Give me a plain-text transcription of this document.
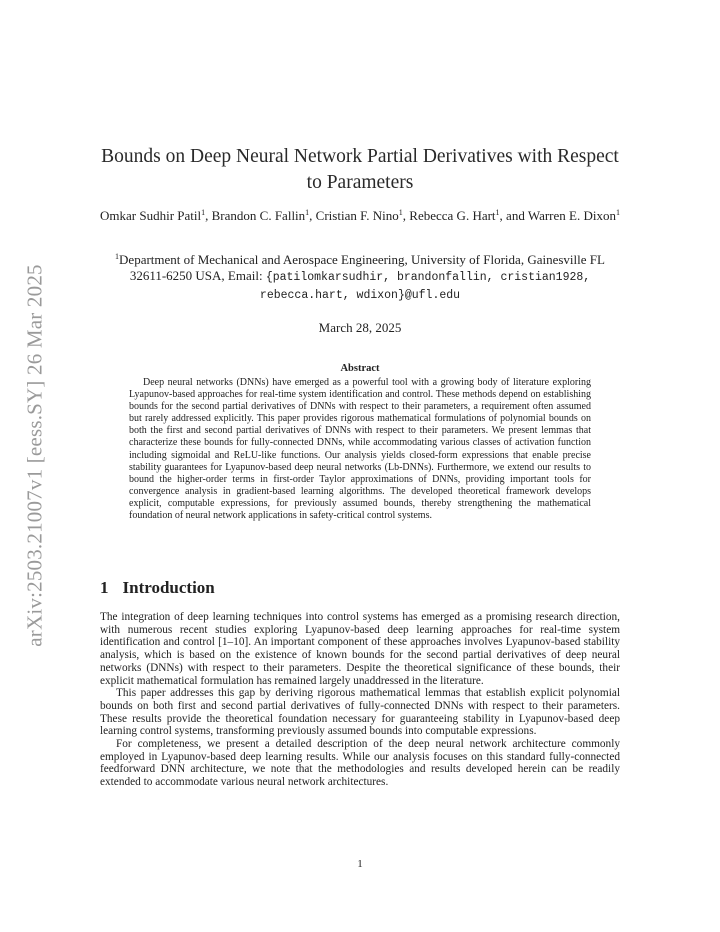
arXiv:2503.21007v1 [eess.SY] 26 Mar 2025
Bounds on Deep Neural Network Partial Derivatives with Respect to Parameters
Omkar Sudhir Patil$^1$, Brandon C. Fallin$^1$, Cristian F. Nino$^1$, Rebecca G. Hart$^1$, and Warren E. Dixon$^1$
$^1$Department of Mechanical and Aerospace Engineering, University of Florida, Gainesville FL 32611-6250 USA, Email: {patilomkarsudhir, brandonfallin, cristian1928, rebecca.hart, wdixon}@ufl.edu
March 28, 2025
Abstract
Deep neural networks (DNNs) have emerged as a powerful tool with a growing body of literature exploring Lyapunov-based approaches for real-time system identification and control. These methods depend on establishing bounds for the second partial derivatives of DNNs with respect to their parameters, a requirement often assumed but rarely addressed explicitly. This paper provides rigorous mathematical formulations of polynomial bounds on both the first and second partial derivatives of DNNs with respect to their parameters. We present lemmas that characterize these bounds for fully-connected DNNs, while accommodating various classes of activation function including sigmoidal and ReLU-like functions. Our analysis yields closed-form expressions that enable precise stability guarantees for Lyapunov-based deep neural networks (Lb-DNNs). Furthermore, we extend our results to bound the higher-order terms in first-order Taylor approximations of DNNs, providing important tools for convergence analysis in gradient-based learning algorithms. The developed theoretical framework develops explicit, computable expressions, for previously assumed bounds, thereby strengthening the mathematical foundation of neural network applications in safety-critical control systems.
1 Introduction

The integration of deep learning techniques into control systems has emerged as a promising research direction, with numerous recent studies exploring Lyapunov-based deep learning approaches for real-time system identification and control [1–10]. An important component of these approaches involves Lyapunov-based stability analysis, which is based on the existence of known bounds for the second partial derivatives of deep neural networks (DNNs) with respect to their parameters. Despite the theoretical significance of these bounds, their explicit mathematical formulation has remained largely unaddressed in the literature.

This paper addresses this gap by deriving rigorous mathematical lemmas that establish explicit polynomial bounds on both first and second partial derivatives of fully-connected DNNs with respect to their parameters. These results provide the theoretical foundation necessary for guaranteeing stability in Lyapunov-based deep learning control systems, transforming previously assumed bounds into computable expressions.

For completeness, we present a detailed description of the deep neural network architecture commonly employed in Lyapunov-based deep learning results. While our analysis focuses on this standard fully-connected feedforward DNN architecture, we note that the methodologies and results developed herein can be readily extended to accommodate various neural network architectures.

1
